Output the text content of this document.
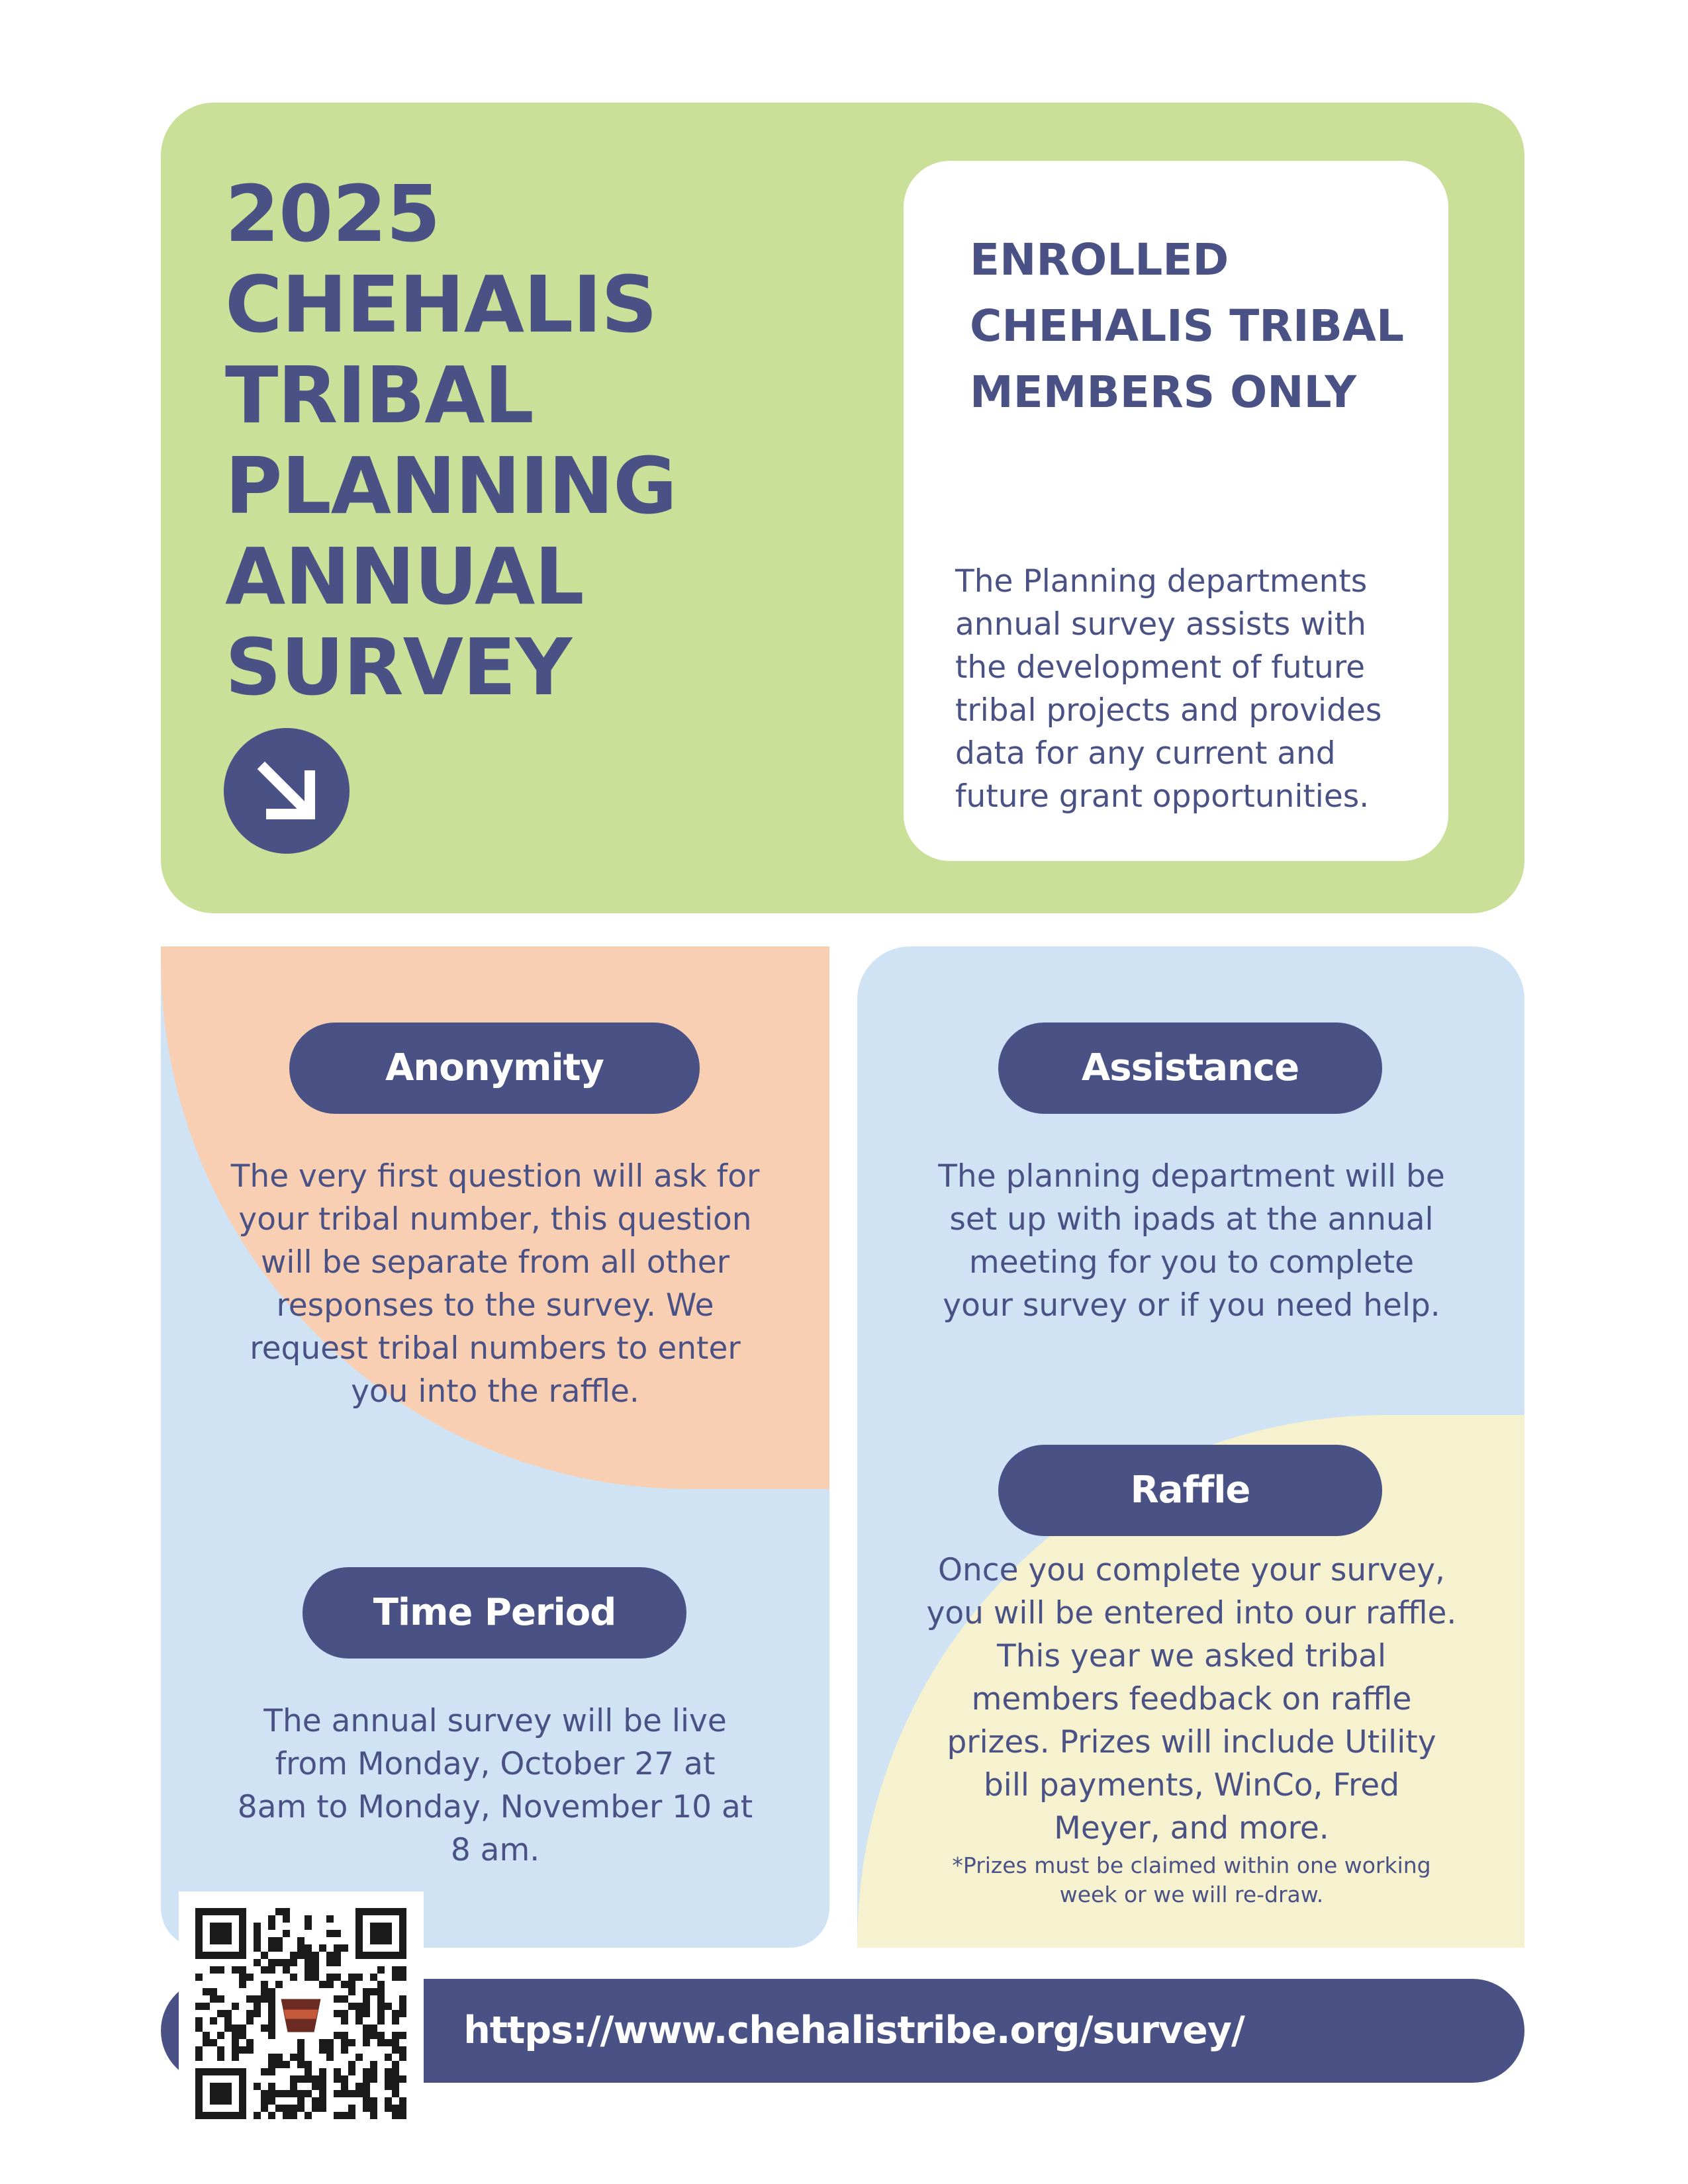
2025
CHEHALIS
TRIBAL
PLANNING
ANNUAL
SURVEY
ENROLLED
CHEHALIS TRIBAL
MEMBERS ONLY
The Planning departments
annual survey assists with
the development of future
tribal projects and provides
data for any current and
future grant opportunities.
Anonymity
The very first question will ask for
your tribal number, this question
will be separate from all other
responses to the survey. We
request tribal numbers to enter
you into the raffle.
Assistance
The planning department will be
set up with ipads at the annual
meeting for you to complete
your survey or if you need help.
Time Period
The annual survey will be live
from Monday, October 27 at
8am to Monday, November 10 at
8 am.
Raffle
Once you complete your survey,
you will be entered into our raffle.
This year we asked tribal
members feedback on raffle
prizes. Prizes will include Utility
bill payments, WinCo, Fred
Meyer, and more.
*Prizes must be claimed within one working
week or we will re-draw.
https://www.chehalistribe.org/survey/
